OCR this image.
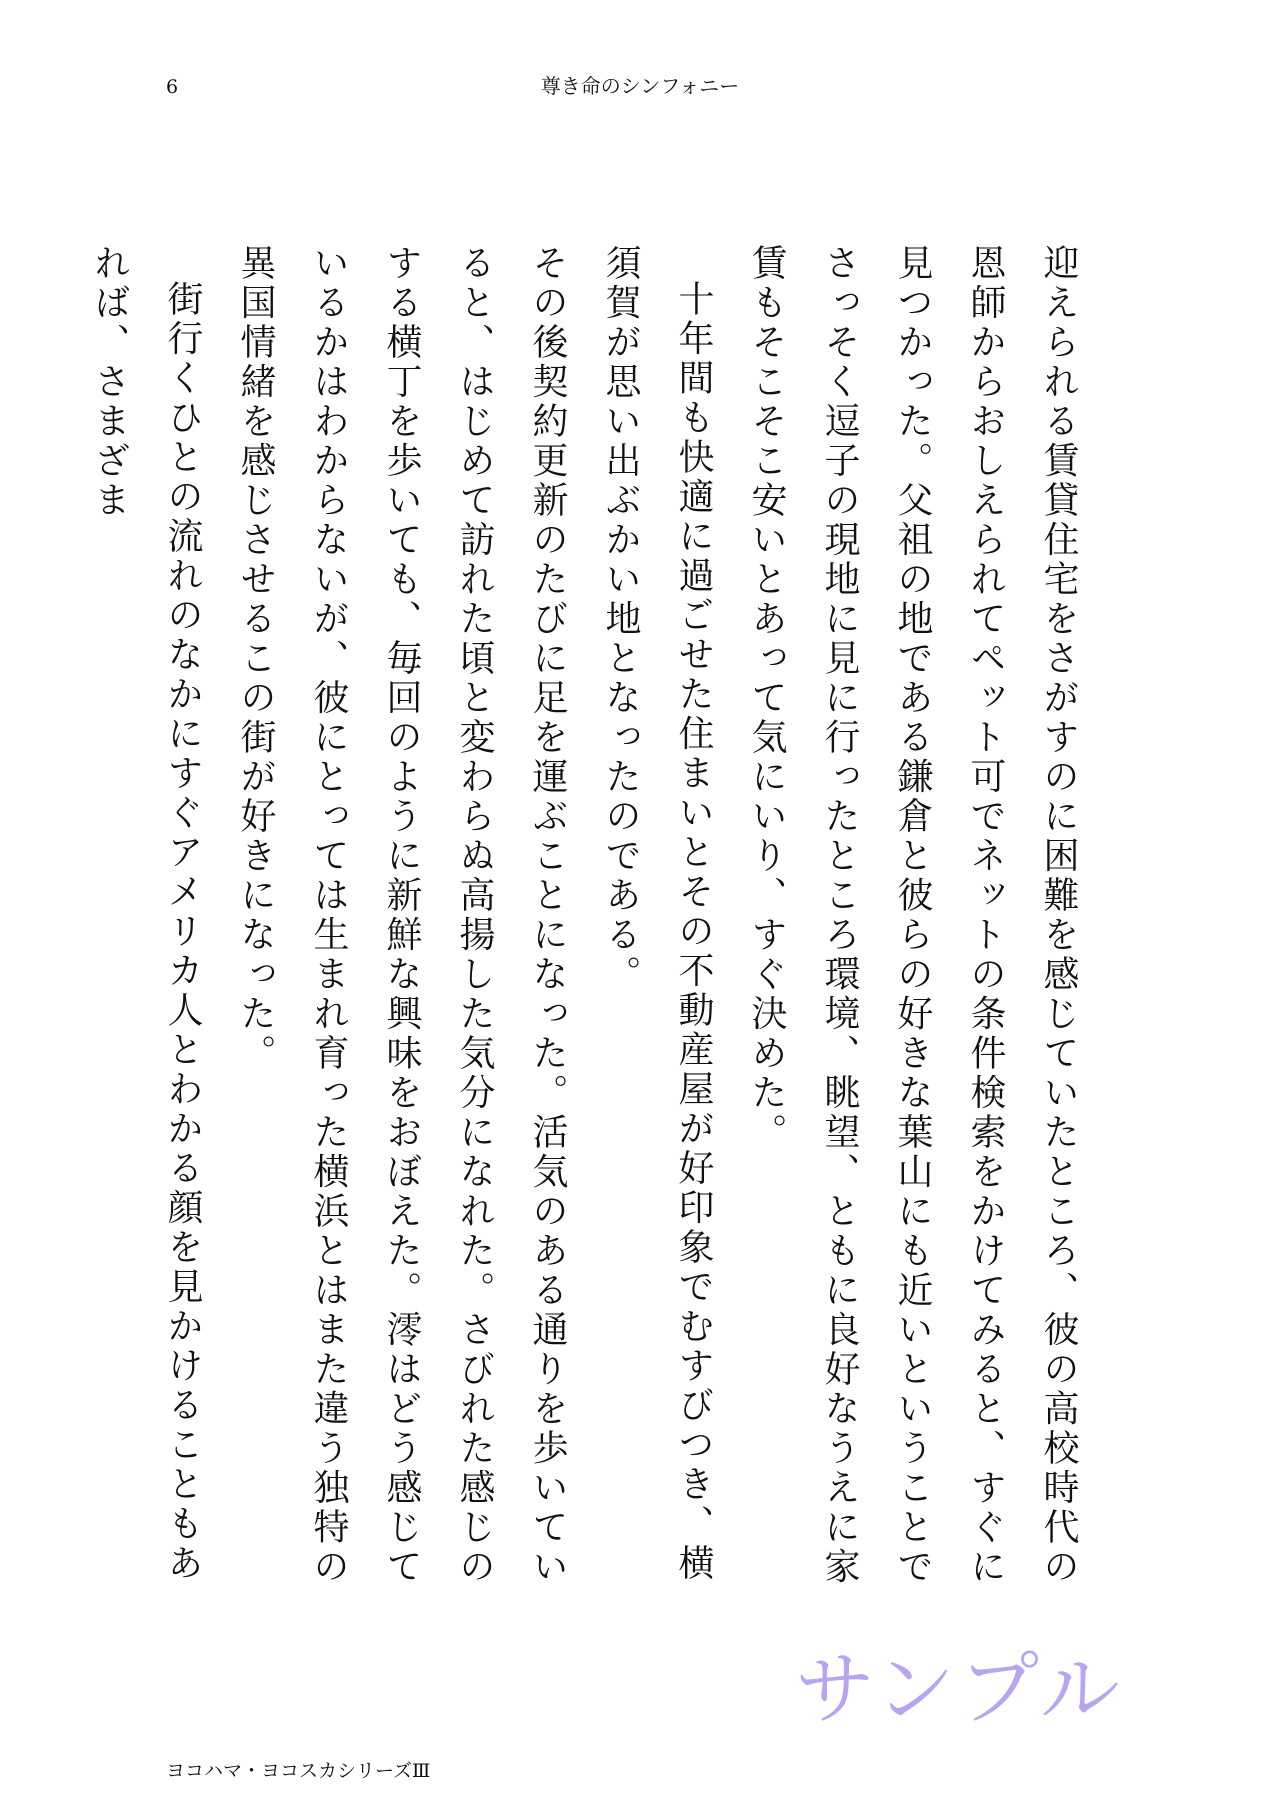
6	尊き命のシンフォニー

迎えられる賃貸住宅をさがすのに困難を感じていたところ、彼の高校時代の恩師からおしえられてペット可でネットの条件検索をかけてみると、すぐに見つかった。父祖の地である鎌倉と彼らの好きな葉山にも近いということでさっそく逗子の現地に見に行ったところ環境、眺望、ともに良好なうえに家賃もそこそこ安いとあって気にいり、すぐ決めた。

十年間も快適に過ごせた住まいとその不動産屋が好印象でむすびつき、横須賀が思い出ぶかい地となったのである。

その後契約更新のたびに足を運ぶことになった。活気のある通りを歩いていると、はじめて訪れた頃と変わらぬ高揚した気分になれた。さびれた感じのする横丁を歩いても、毎回のように新鮮な興味をおぼえた。澪はどう感じているかはわからないが、彼にとっては生まれ育った横浜とはまた違う独特の異国情緒を感じさせるこの街が好きになった。

街行くひとの流れのなかにすぐアメリカ人とわかる顔を見かけることもあれば、さまざま

サンプル
ヨコハマ・ヨコスカシリーズⅢ
